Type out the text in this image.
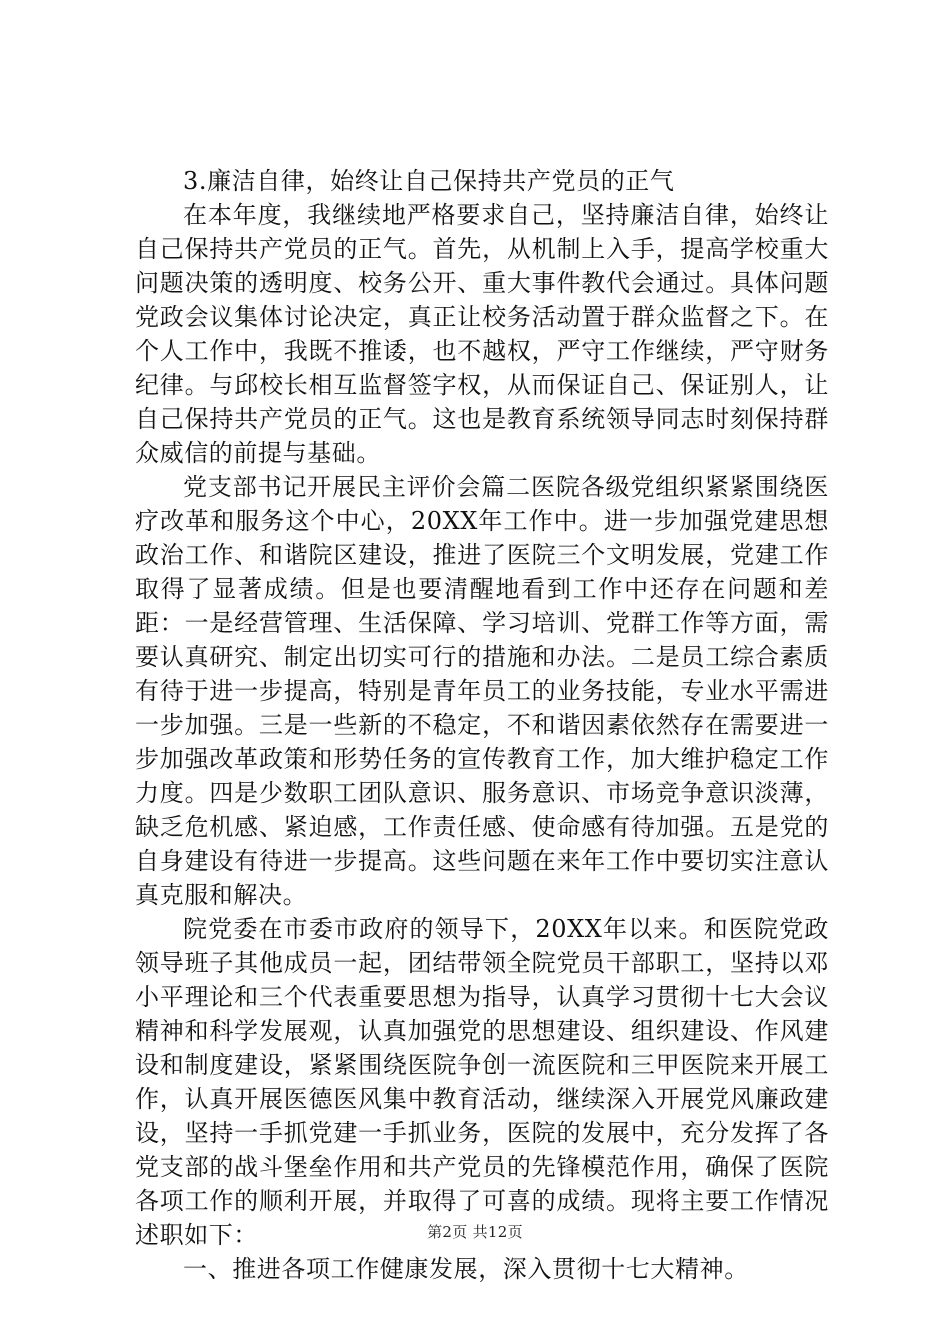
3.廉洁自律，始终让自己保持共产党员的正气

在本年度，我继续地严格要求自己，坚持廉洁自律，始终让自己保持共产党员的正气。首先，从机制上入手，提高学校重大问题决策的透明度、校务公开、重大事件教代会通过。具体问题党政会议集体讨论决定，真正让校务活动置于群众监督之下。在个人工作中，我既不推诿，也不越权，严守工作继续，严守财务纪律。与邱校长相互监督签字权，从而保证自己、保证别人，让自己保持共产党员的正气。这也是教育系统领导同志时刻保持群众威信的前提与基础。

党支部书记开展民主评价会篇二医院各级党组织紧紧围绕医疗改革和服务这个中心，20XX年工作中。进一步加强党建思想政治工作、和谐院区建设，推进了医院三个文明发展，党建工作取得了显著成绩。但是也要清醒地看到工作中还存在问题和差距：一是经营管理、生活保障、学习培训、党群工作等方面，需要认真研究、制定出切实可行的措施和办法。二是员工综合素质有待于进一步提高，特别是青年员工的业务技能，专业水平需进一步加强。三是一些新的不稳定，不和谐因素依然存在需要进一步加强改革政策和形势任务的宣传教育工作，加大维护稳定工作力度。四是少数职工团队意识、服务意识、市场竞争意识淡薄，缺乏危机感、紧迫感，工作责任感、使命感有待加强。五是党的自身建设有待进一步提高。这些问题在来年工作中要切实注意认真克服和解决。

院党委在市委市政府的领导下，20XX年以来。和医院党政领导班子其他成员一起，团结带领全院党员干部职工，坚持以邓小平理论和三个代表重要思想为指导，认真学习贯彻十七大会议精神和科学发展观，认真加强党的思想建设、组织建设、作风建设和制度建设，紧紧围绕医院争创一流医院和三甲医院来开展工作，认真开展医德医风集中教育活动，继续深入开展党风廉政建设，坚持一手抓党建一手抓业务，医院的发展中，充分发挥了各党支部的战斗堡垒作用和共产党员的先锋模范作用，确保了医院各项工作的顺利开展，并取得了可喜的成绩。现将主要工作情况述职如下：

一、推进各项工作健康发展，深入贯彻十七大精神。

第2页 共12页
